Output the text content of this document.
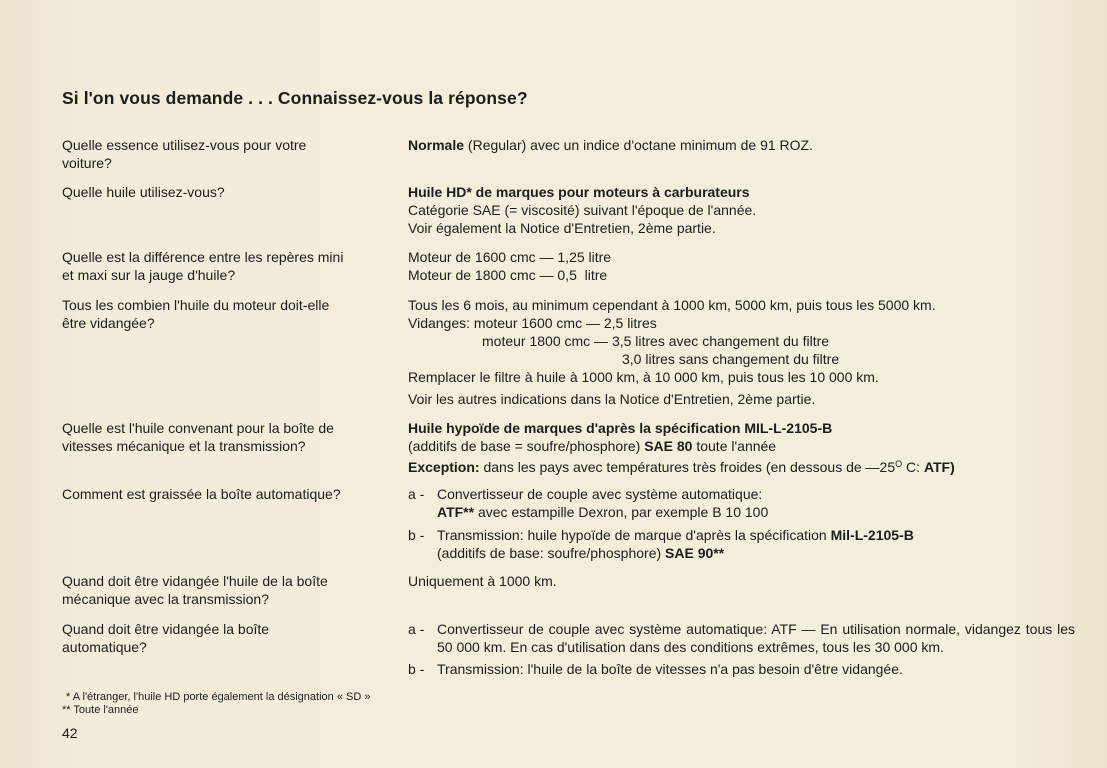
Si l'on vous demande . . . Connaissez-vous la réponse?
Quelle essence utilisez-vous pour votre
voiture?
Normale (Regular) avec un indice d'octane minimum de 91 ROZ.
Quelle huile utilisez-vous?	Huile HD* de marques pour moteurs à carburateurs
Catégorie SAE (= viscosité) suivant l'époque de l'année.
Voir également la Notice d'Entretien, 2ème partie.
Quelle est la différence entre les repères mini
et maxi sur la jauge d'huile?
Moteur de 1600 cmc — 1,25 litre
Moteur de 1800 cmc — 0,5  litre
Tous les combien l'huile du moteur doit-elle
être vidangée?
Tous les 6 mois, au minimum cependant à 1000 km, 5000 km, puis tous les 5000 km.
Vidanges: moteur 1600 cmc — 2,5 litres
moteur 1800 cmc — 3,5 litres avec changement du filtre
3,0 litres sans changement du filtre
Remplacer le filtre à huile à 1000 km, à 10 000 km, puis tous les 10 000 km.
Voir les autres indications dans la Notice d'Entretien, 2ème partie.
Quelle est l'huile convenant pour la boîte de
vitesses mécanique et la transmission?
Huile hypoïde de marques d'après la spécification MIL-L-2105-B
(additifs de base = soufre/phosphore) SAE 80 toute l'année
Exception: dans les pays avec températures très froides (en dessous de $—25^O$ C: ATF)
Comment est graissée la boîte automatique?	a - Convertisseur de couple avec système automatique:
ATF** avec estampille Dexron, par exemple B 10 100
b - Transmission: huile hypoïde de marque d'après la spécification Mil-L-2105-B
(additifs de base: soufre/phosphore) SAE 90**
Quand doit être vidangée l'huile de la boîte
mécanique avec la transmission?
Uniquement à 1000 km.
Quand doit être vidangée la boîte
automatique?
a - Convertisseur de couple avec système automatique: ATF — En utilisation normale, vidangez tous les 50 000 km. En cas d'utilisation dans des conditions extrêmes, tous les 30 000 km.
b - Transmission: l'huile de la boîte de vitesses n'a pas besoin d'être vidangée.
* A l'étranger, l'huile HD porte également la désignation « SD »
** Toute l'année
42
